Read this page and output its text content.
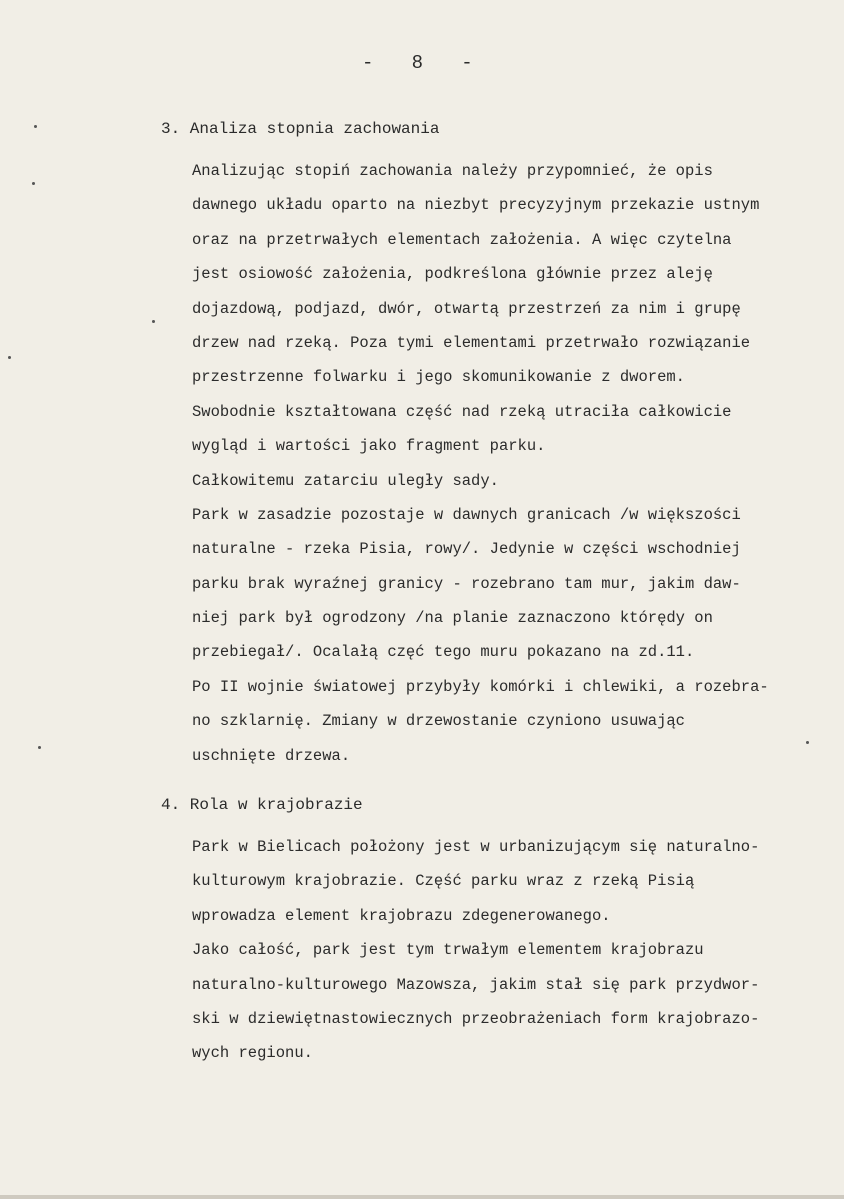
-   8   -
3. Analiza stopnia zachowania
Analizując stopiń zachowania należy przypomnieć, że opis
dawnego układu oparto na niezbyt precyzyjnym przekazie ustnym
oraz na przetrwałych elementach założenia. A więc czytelna
jest osiowość założenia, podkreślona głównie przez aleję
dojazdową, podjazd, dwór, otwartą przestrzeń za nim i grupę
drzew nad rzeką. Poza tymi elementami przetrwało rozwiązanie
przestrzenne folwarku i jego skomunikowanie z dworem.
Swobodnie kształtowana część nad rzeką utraciła całkowicie
wygląd i wartości jako fragment parku.
Całkowitemu zatarciu uległy sady.
Park w zasadzie pozostaje w dawnych granicach /w większości
naturalne - rzeka Pisia, rowy/. Jedynie w części wschodniej
parku brak wyraźnej granicy - rozebrano tam mur, jakim daw-
niej park był ogrodzony /na planie zaznaczono którędy on
przebiegał/. Ocalałą częć tego muru pokazano na zd.11.
Po II wojnie światowej przybyły komórki i chlewiki, a rozebra-
no szklarnię. Zmiany w drzewostanie czyniono usuwając
uschnięte drzewa.
4. Rola w krajobrazie
Park w Bielicach położony jest w urbanizującym się naturalno-
kulturowym krajobrazie. Część parku wraz z rzeką Pisią
wprowadza element krajobrazu zdegenerowanego.
Jako całość, park jest tym trwałym elementem krajobrazu
naturalno-kulturowego Mazowsza, jakim stał się park przydwor-
ski w dziewiętnastowiecznych przeobrażeniach form krajobrazo-
wych regionu.
